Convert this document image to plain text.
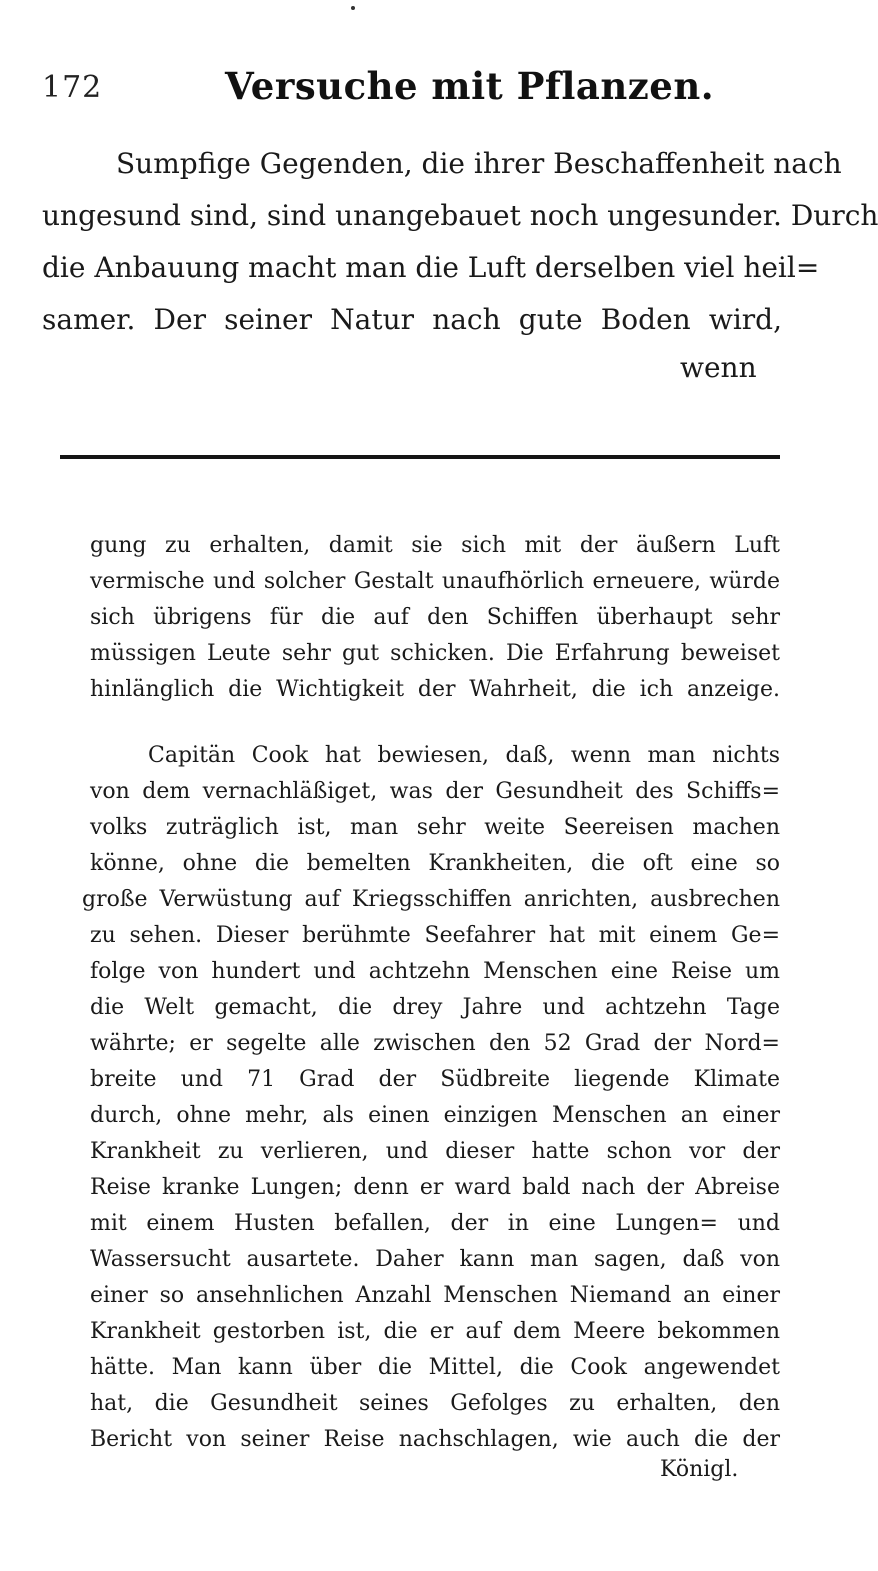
172	Versuche mit Pflanzen.
Sumpfige Gegenden, die ihrer Beschaffenheit nach
ungesund sind, sind unangebauet noch ungesunder. Durch
die Anbauung macht man die Luft derselben viel heil=
samer. Der seiner Natur nach gute Boden wird,
wenn
gung zu erhalten, damit sie sich mit der äußern Luft
vermische und solcher Gestalt unaufhörlich erneuere, würde
sich übrigens für die auf den Schiffen überhaupt sehr
müssigen Leute sehr gut schicken. Die Erfahrung beweiset
hinlänglich die Wichtigkeit der Wahrheit, die ich anzeige.
Capitän Cook hat bewiesen, daß, wenn man nichts
von dem vernachläßiget, was der Gesundheit des Schiffs=
volks zuträglich ist, man sehr weite Seereisen machen
könne, ohne die bemelten Krankheiten, die oft eine so
große Verwüstung auf Kriegsschiffen anrichten, ausbrechen
zu sehen. Dieser berühmte Seefahrer hat mit einem Ge=
folge von hundert und achtzehn Menschen eine Reise um
die Welt gemacht, die drey Jahre und achtzehn Tage
währte; er segelte alle zwischen den 52 Grad der Nord=
breite und 71 Grad der Südbreite liegende Klimate
durch, ohne mehr, als einen einzigen Menschen an einer
Krankheit zu verlieren, und dieser hatte schon vor der
Reise kranke Lungen; denn er ward bald nach der Abreise
mit einem Husten befallen, der in eine Lungen= und
Wassersucht ausartete. Daher kann man sagen, daß von
einer so ansehnlichen Anzahl Menschen Niemand an einer
Krankheit gestorben ist, die er auf dem Meere bekommen
hätte. Man kann über die Mittel, die Cook angewendet
hat, die Gesundheit seines Gefolges zu erhalten, den
Bericht von seiner Reise nachschlagen, wie auch die der
Königl.
